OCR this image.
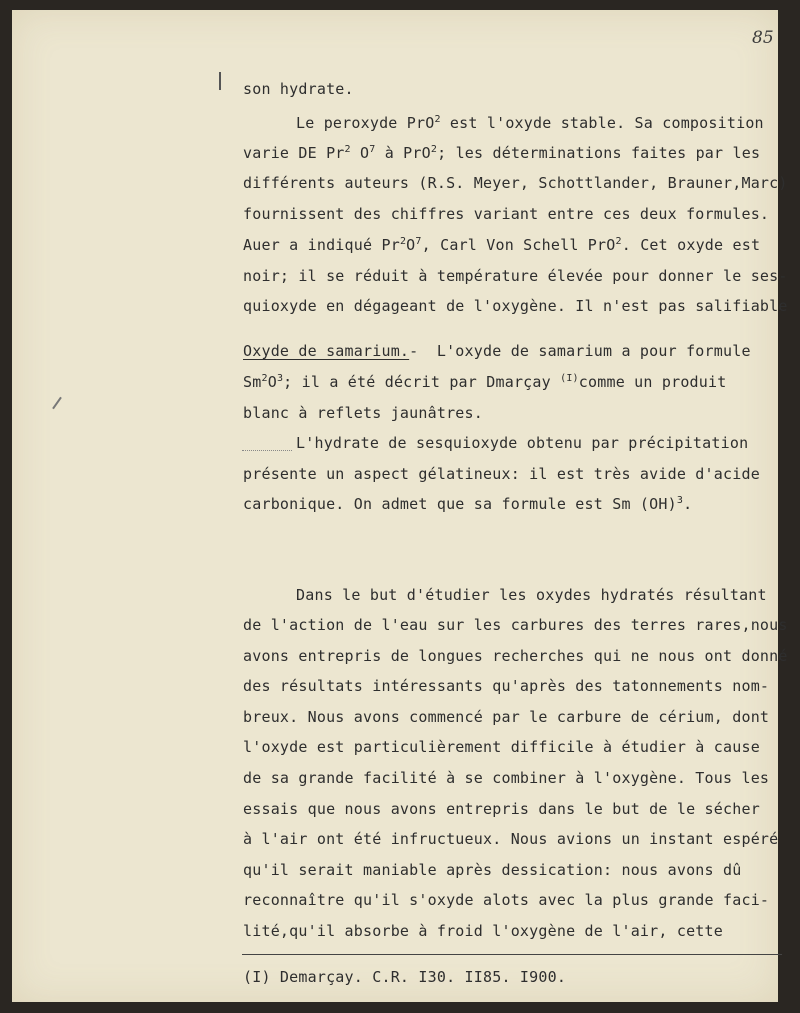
85
son hydrate.
Le peroxyde PrO$^2$ est l'oxyde stable. Sa composition
varie DE Pr$^2$ $O^7$ à PrO$^2$; les déterminations faites par les
différents auteurs (R.S. Meyer, Schottlander, Brauner,Marc)
fournissent des chiffres variant entre ces deux formules.
Auer a indiqué $Pr^2O^7$, Carl Von Schell PrO$^2$. Cet oxyde est
noir; il se réduit à température élevée pour donner le ses-
quioxyde en dégageant de l'oxygène. Il n'est pas salifiable
Oxyde de samarium.-  L'oxyde de samarium a pour formule
$Sm^2O^3$; il a été décrit par Dmarçay $^{(I)}$comme un produit
blanc à reflets jaunâtres.
L'hydrate de sesquioxyde obtenu par précipitation
présente un aspect gélatineux: il est très avide d'acide
carbonique. On admet que sa formule est Sm (OH)$^3$.
Dans le but d'étudier les oxydes hydratés résultant
de l'action de l'eau sur les carbures des terres rares,nous
avons entrepris de longues recherches qui ne nous ont donné
des résultats intéressants qu'après des tatonnements nom-
breux. Nous avons commencé par le carbure de cérium, dont
l'oxyde est particulièrement difficile à étudier à cause
de sa grande facilité à se combiner à l'oxygène. Tous les
essais que nous avons entrepris dans le but de le sécher
à l'air ont été infructueux. Nous avions un instant espéré
qu'il serait maniable après dessication: nous avons dû
reconnaître qu'il s'oxyde alots avec la plus grande faci-
lité,qu'il absorbe à froid l'oxygène de l'air, cette
(I) Demarçay. C.R. I30. II85. I900.
